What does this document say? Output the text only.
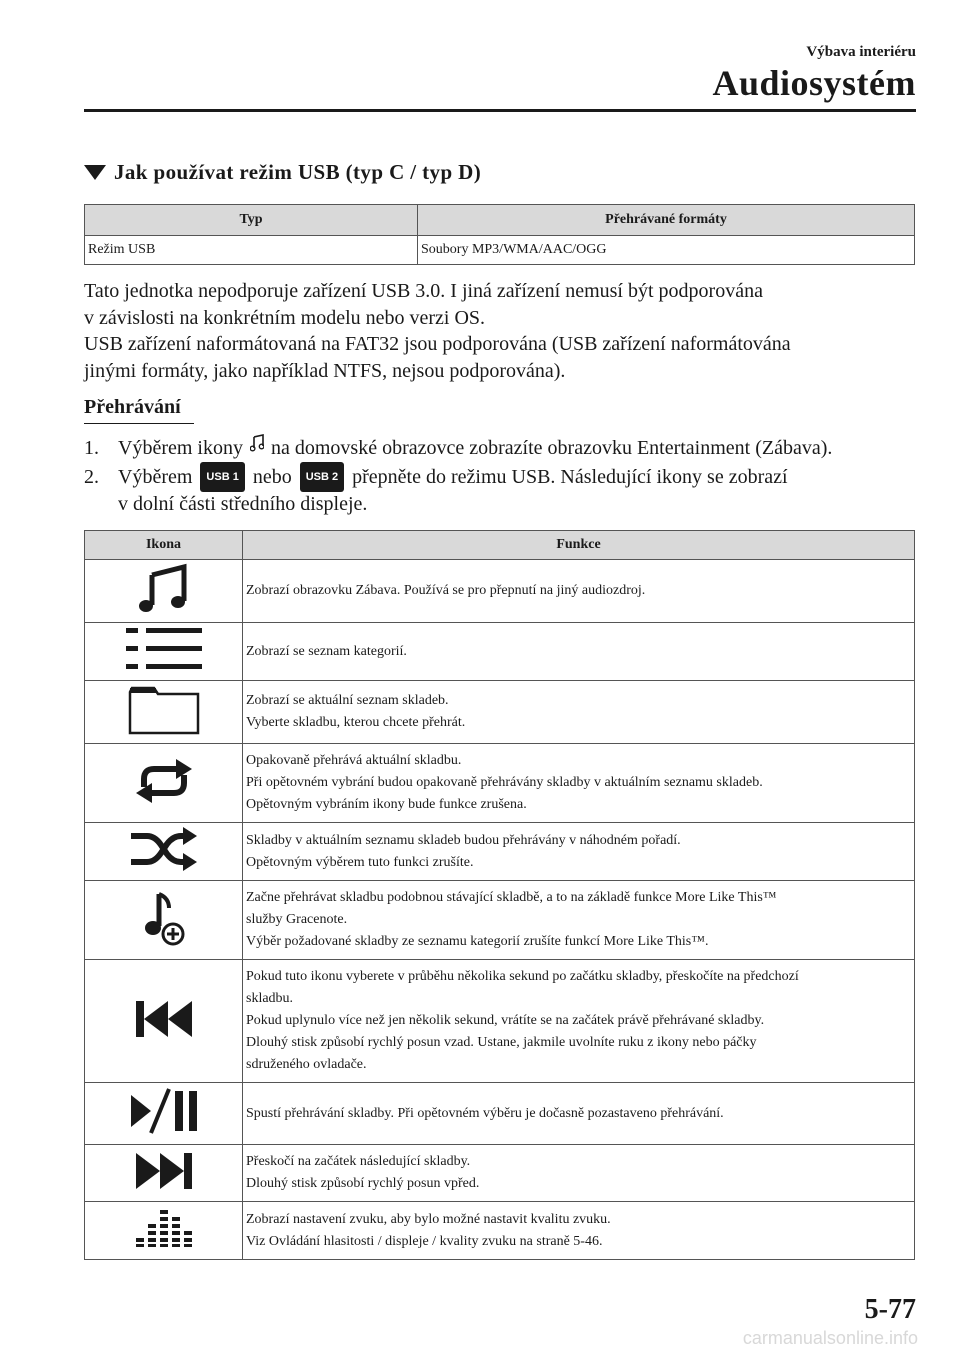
Výbava interiéru
Audiosystém
Jak používat režim USB (typ C / typ D)
Typ	Přehrávané formáty
Režim USB	Soubory MP3/WMA/AAC/OGG
Tato jednotka nepodporuje zařízení USB 3.0. I jiná zařízení nemusí být podporována
v závislosti na konkrétním modelu nebo verzi OS.
USB zařízení naformátovaná na FAT32 jsou podporována (USB zařízení naformátována
jinými formáty, jako například NTFS, nejsou podporována).
Přehrávání
1. Výběrem ikony na domovské obrazovce zobrazíte obrazovku Entertainment (Zábava).
2. Výběrem USB 1 nebo USB 2 přepněte do režimu USB. Následující ikony se zobrazí
v dolní části středního displeje.
Ikona	Funkce

Zobrazí obrazovku Zábava. Používá se pro přepnutí na jiný audiozdroj.

Zobrazí se seznam kategorií.

Zobrazí se aktuální seznam skladeb.
Vyberte skladbu, kterou chcete přehrát.

Opakovaně přehrává aktuální skladbu.
Při opětovném vybrání budou opakovaně přehrávány skladby v aktuálním seznamu skladeb.
Opětovným vybráním ikony bude funkce zrušena.

Skladby v aktuálním seznamu skladeb budou přehrávány v náhodném pořadí.
Opětovným výběrem tuto funkci zrušíte.

Začne přehrávat skladbu podobnou stávající skladbě, a to na základě funkce More Like This™
služby Gracenote.
Výběr požadované skladby ze seznamu kategorií zrušíte funkcí More Like This™.

Pokud tuto ikonu vyberete v průběhu několika sekund po začátku skladby, přeskočíte na předchozí
skladbu.
Pokud uplynulo více než jen několik sekund, vrátíte se na začátek právě přehrávané skladby.
Dlouhý stisk způsobí rychlý posun vzad. Ustane, jakmile uvolníte ruku z ikony nebo páčky
sdruženého ovladače.

Spustí přehrávání skladby. Při opětovném výběru je dočasně pozastaveno přehrávání.

Přeskočí na začátek následující skladby.
Dlouhý stisk způsobí rychlý posun vpřed.

Zobrazí nastavení zvuku, aby bylo možné nastavit kvalitu zvuku.
Viz Ovládání hlasitosti / displeje / kvality zvuku na straně 5-46.
5-77
carmanualsonline.info
